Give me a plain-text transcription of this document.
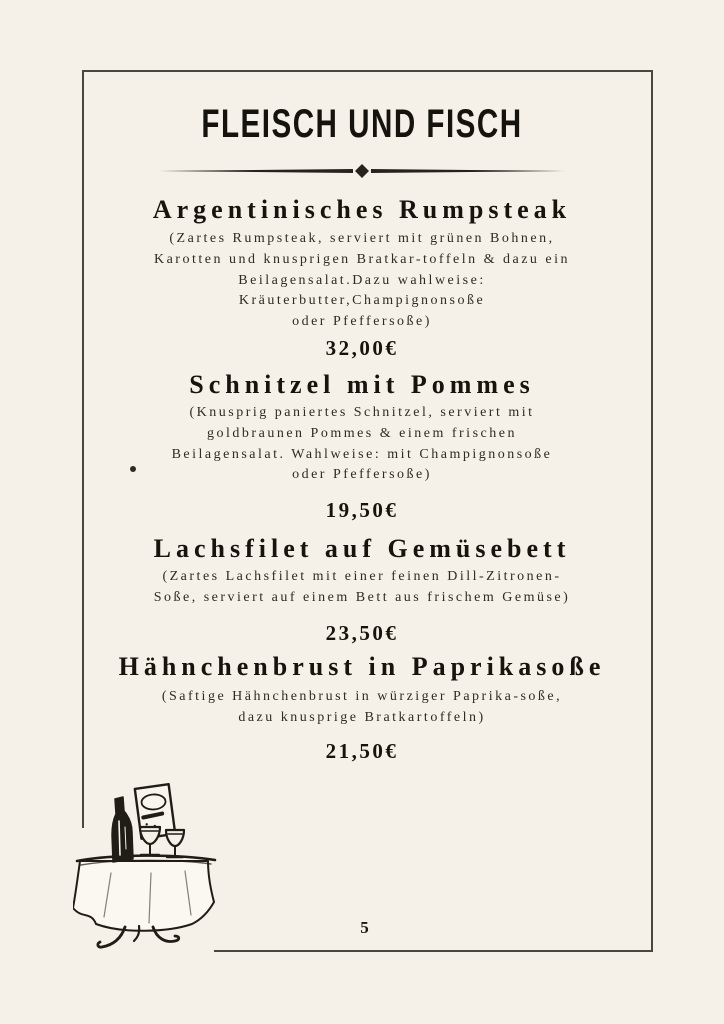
FLEISCH UND FISCH
Argentinisches Rumpsteak
(Zartes Rumpsteak, serviert mit grünen Bohnen,
Karotten und knusprigen Bratkar-toffeln & dazu ein
Beilagensalat.Dazu wahlweise:
Kräuterbutter,Champignonsoße
oder Pfeffersoße)
32,00€
Schnitzel mit Pommes
(Knusprig paniertes Schnitzel, serviert mit
goldbraunen Pommes & einem frischen
Beilagensalat. Wahlweise: mit Champignonsoße
oder Pfeffersoße)
19,50€
Lachsfilet auf Gemüsebett
(Zartes Lachsfilet mit einer feinen Dill-Zitronen-
Soße, serviert auf einem Bett aus frischem Gemüse)
23,50€
Hähnchenbrust in Paprikasoße
(Saftige Hähnchenbrust in würziger Paprika-soße,
dazu knusprige Bratkartoffeln)
21,50€
5
